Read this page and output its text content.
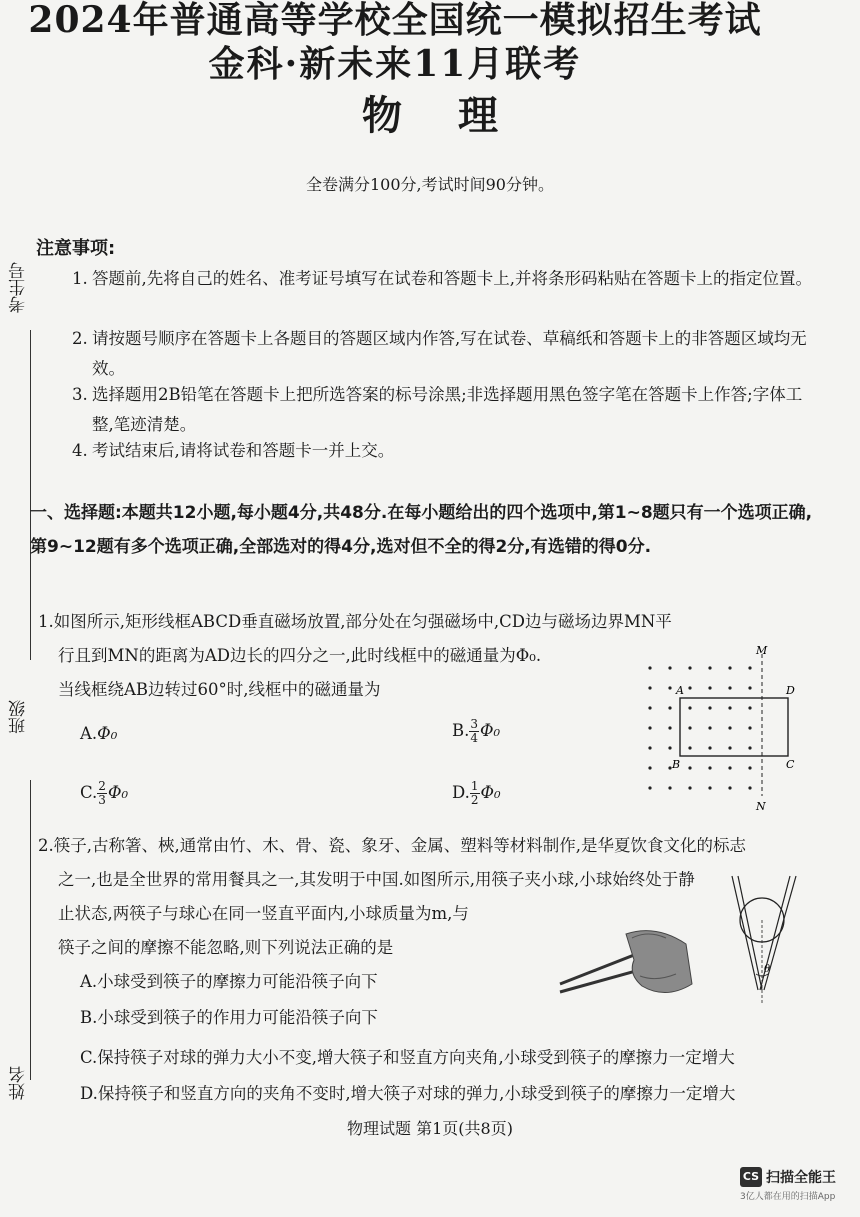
2024年普通高等学校全国统一模拟招生考试
金科·新未来11月联考
物理
全卷满分100分,考试时间90分钟。
考生号
班级
姓名
注意事项:
1. 答题前,先将自己的姓名、准考证号填写在试卷和答题卡上,并将条形码粘贴在答题卡上的指定位置。
2. 请按题号顺序在答题卡上各题目的答题区域内作答,写在试卷、草稿纸和答题卡上的非答题区域均无效。
3. 选择题用2B铅笔在答题卡上把所选答案的标号涂黑;非选择题用黑色签字笔在答题卡上作答;字体工整,笔迹清楚。
4. 考试结束后,请将试卷和答题卡一并上交。
一、选择题:本题共12小题,每小题4分,共48分.在每小题给出的四个选项中,第1~8题只有一个选项正确,第9~12题有多个选项正确,全部选对的得4分,选对但不全的得2分,有选错的得0分.
1.如图所示,矩形线框ABCD垂直磁场放置,部分处在匀强磁场中,CD边与磁场边界MN平
行且到MN的距离为AD边长的四分之一,此时线框中的磁通量为Φ₀.
当线框绕AB边转过60°时,线框中的磁通量为
A.Φ₀	B. $\frac{3}{4} \Phi_0$
C. $\frac{2}{3} \Phi_0$	D. $\frac{1}{2} \Phi_0$
M
N
A
B
D
C
2.筷子,古称箸、梜,通常由竹、木、骨、瓷、象牙、金属、塑料等材料制作,是华夏饮食文化的标志
之一,也是全世界的常用餐具之一,其发明于中国.如图所示,用筷子夹小球,小球始终处于静
止状态,两筷子与球心在同一竖直平面内,小球质量为m,与
筷子之间的摩擦不能忽略,则下列说法正确的是
A.小球受到筷子的摩擦力可能沿筷子向下
B.小球受到筷子的作用力可能沿筷子向下
C.保持筷子对球的弹力大小不变,增大筷子和竖直方向夹角,小球受到筷子的摩擦力一定增大
D.保持筷子和竖直方向的夹角不变时,增大筷子对球的弹力,小球受到筷子的摩擦力一定增大
θ
物理试题 第1页(共8页)
CS 扫描全能王
3亿人都在用的扫描App
